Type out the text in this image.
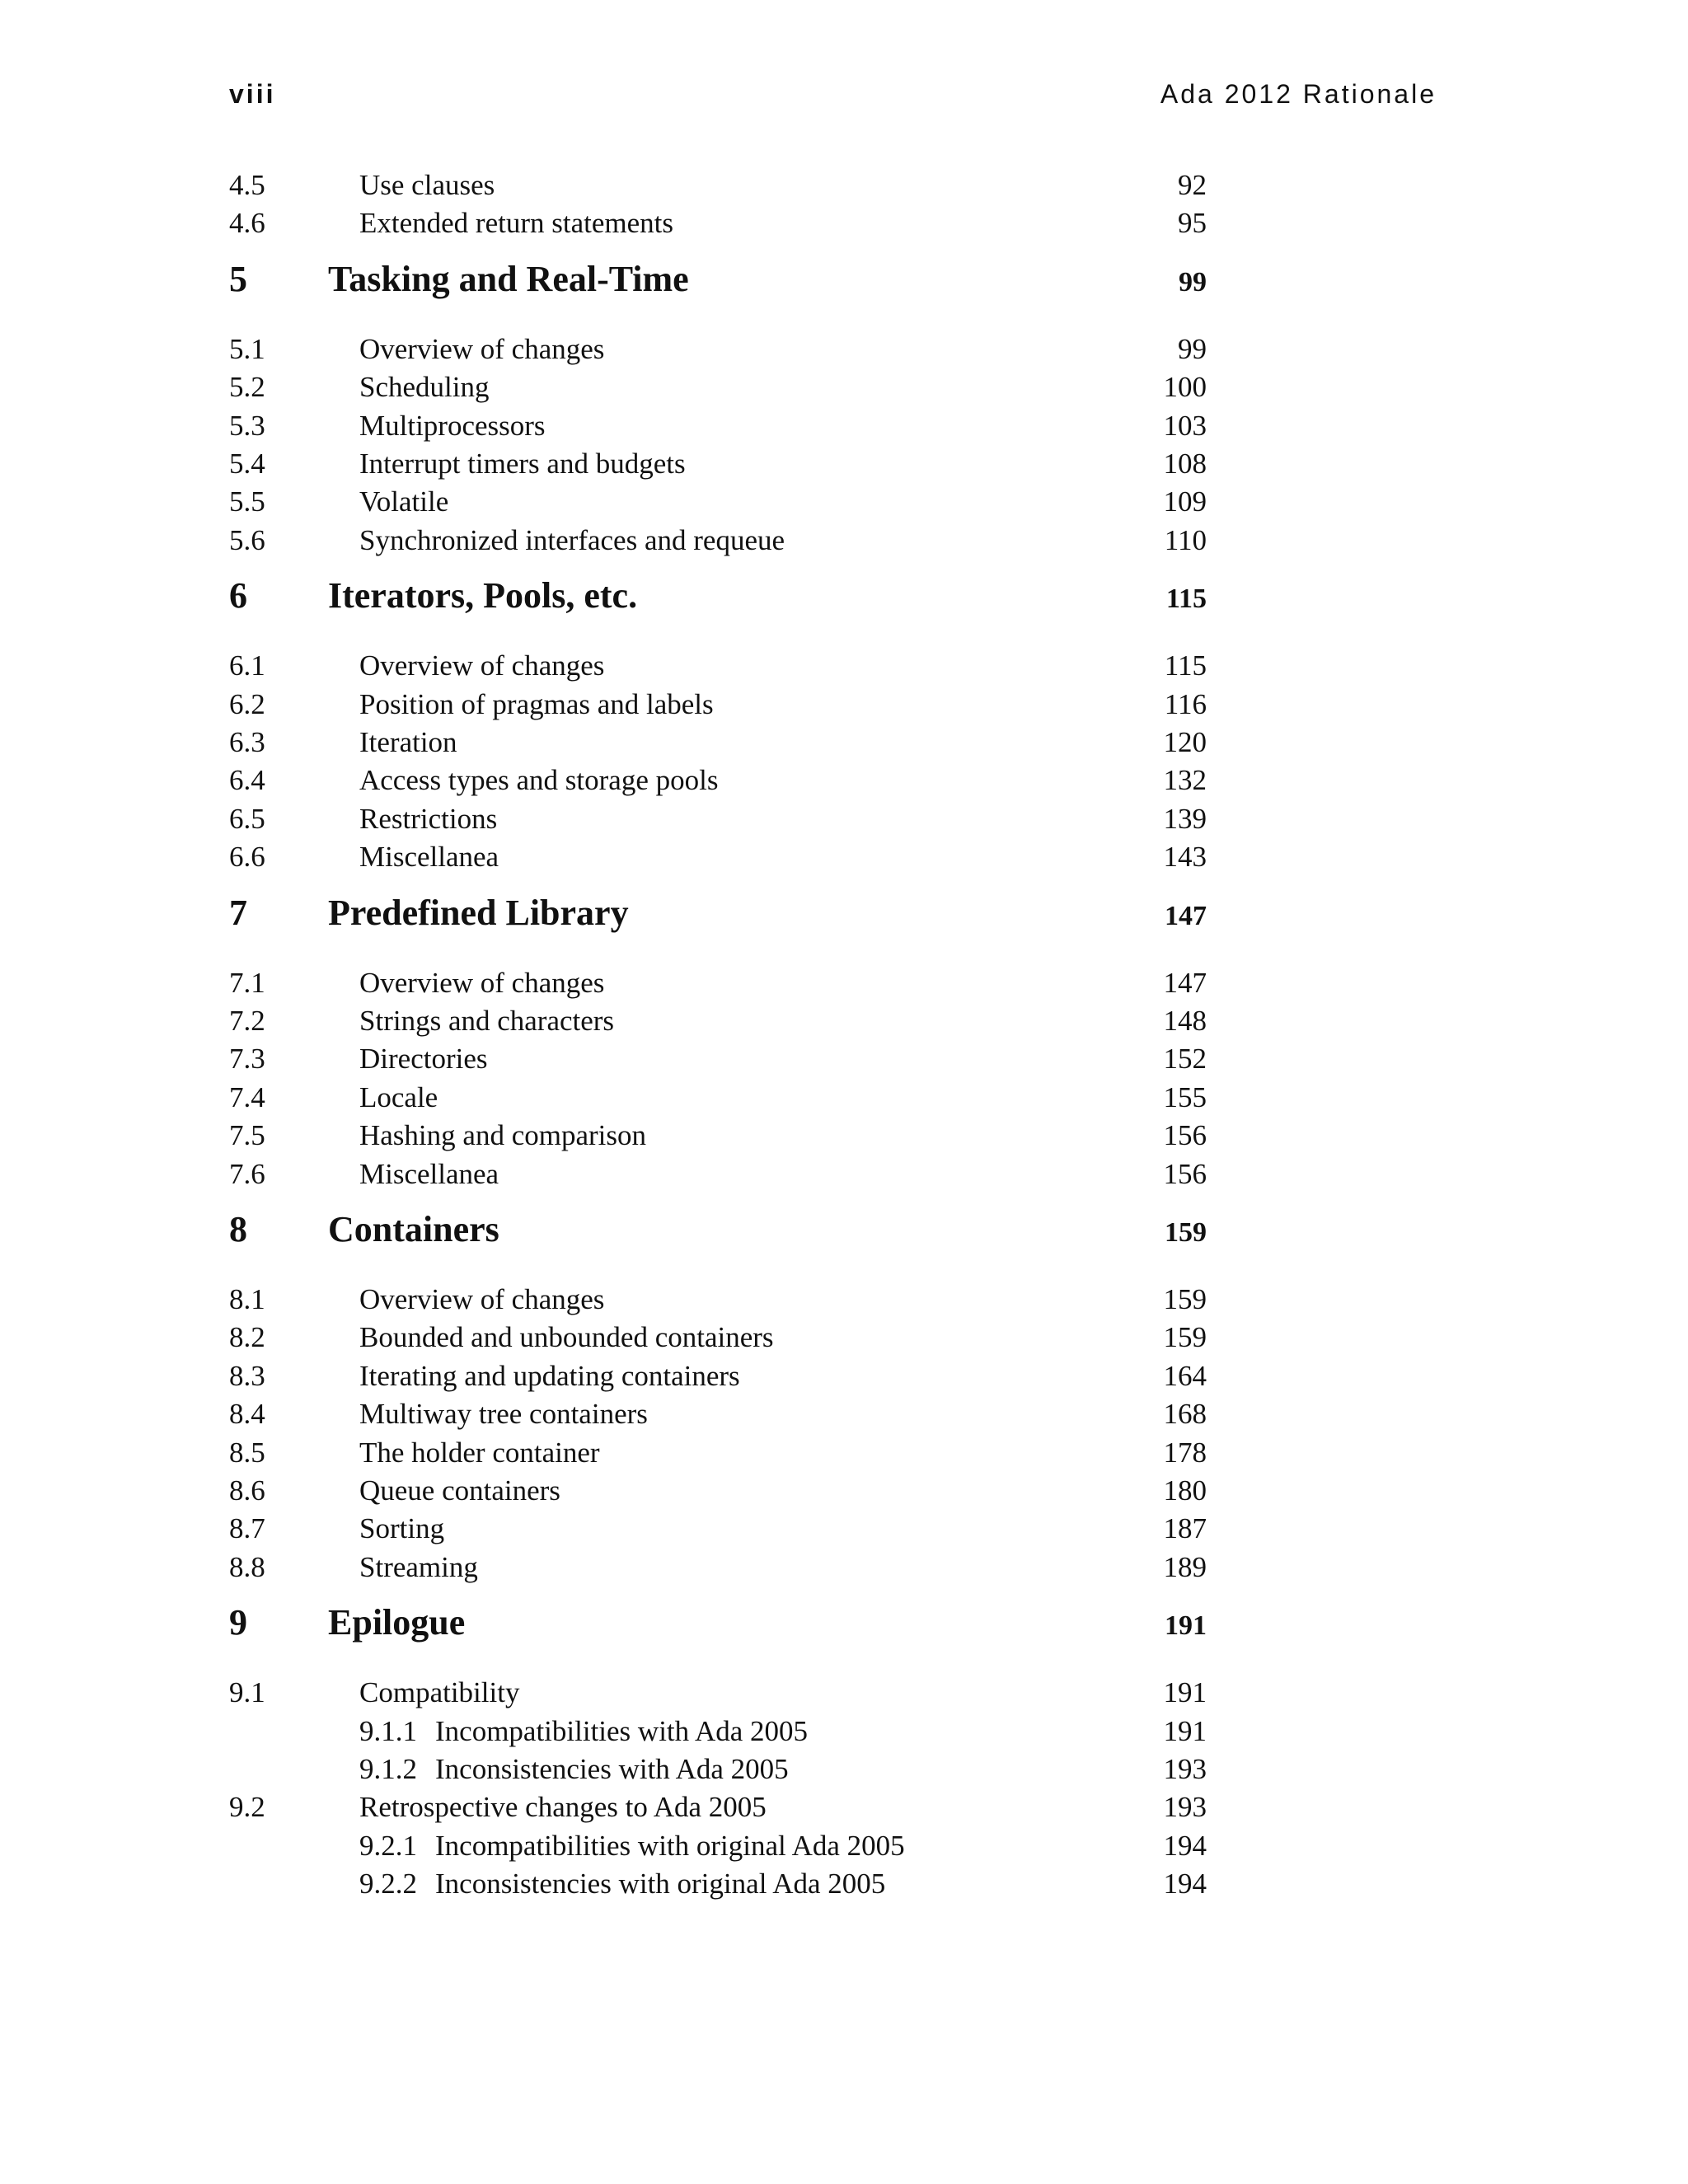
viii	Ada 2012 Rationale
4.5	Use clauses	92
4.6	Extended return statements	95
5 Tasking and Real-Time	99
5.1	Overview of changes	99
5.2	Scheduling	100
5.3	Multiprocessors	103
5.4	Interrupt timers and budgets	108
5.5	Volatile	109
5.6	Synchronized interfaces and requeue	110
6 Iterators, Pools, etc.	115
6.1	Overview of changes	115
6.2	Position of pragmas and labels	116
6.3	Iteration	120
6.4	Access types and storage pools	132
6.5	Restrictions	139
6.6	Miscellanea	143
7 Predefined Library	147
7.1	Overview of changes	147
7.2	Strings and characters	148
7.3	Directories	152
7.4	Locale	155
7.5	Hashing and comparison	156
7.6	Miscellanea	156
8 Containers	159
8.1	Overview of changes	159
8.2	Bounded and unbounded containers	159
8.3	Iterating and updating containers	164
8.4	Multiway tree containers	168
8.5	The holder container	178
8.6	Queue containers	180
8.7	Sorting	187
8.8	Streaming	189
9 Epilogue	191
9.1	Compatibility	191
9.1.1 Incompatibilities with Ada 2005	191
9.1.2 Inconsistencies with Ada 2005	193
9.2	Retrospective changes to Ada 2005	193
9.2.1 Incompatibilities with original Ada 2005	194
9.2.2 Inconsistencies with original Ada 2005	194
